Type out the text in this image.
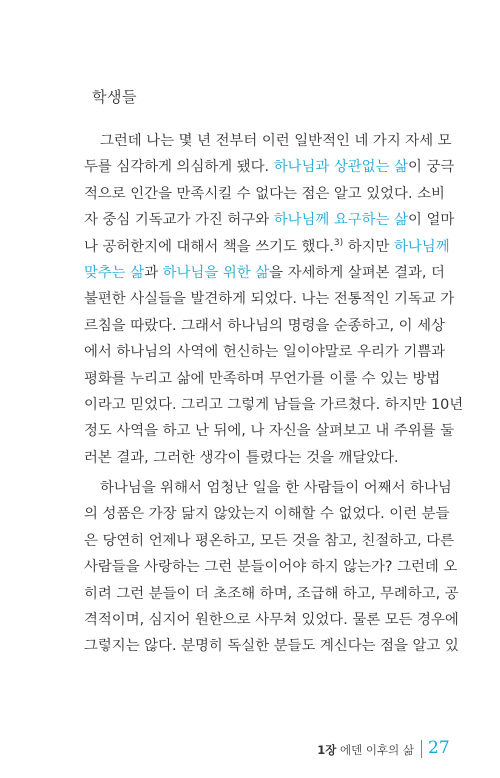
학생들
그런데 나는 몇 년 전부터 이런 일반적인 네 가지 자세 모
두를 심각하게 의심하게 됐다. 하나님과 상관없는 삶이 궁극
적으로 인간을 만족시킬 수 없다는 점은 알고 있었다. 소비
자 중심 기독교가 가진 허구와 하나님께 요구하는 삶이 얼마
나 공허한지에 대해서 책을 쓰기도 했다.$^{3)}$ 하지만 하나님께
맞추는 삶과 하나님을 위한 삶을 자세하게 살펴본 결과, 더
불편한 사실들을 발견하게 되었다. 나는 전통적인 기독교 가
르침을 따랐다. 그래서 하나님의 명령을 순종하고, 이 세상
에서 하나님의 사역에 헌신하는 일이야말로 우리가 기쁨과
평화를 누리고 삶에 만족하며 무언가를 이룰 수 있는 방법
이라고 믿었다. 그리고 그렇게 남들을 가르쳤다. 하지만 10년
정도 사역을 하고 난 뒤에, 나 자신을 살펴보고 내 주위를 둘
러본 결과, 그러한 생각이 틀렸다는 것을 깨달았다.
하나님을 위해서 엄청난 일을 한 사람들이 어째서 하나님
의 성품은 가장 닮지 않았는지 이해할 수 없었다. 이런 분들
은 당연히 언제나 평온하고, 모든 것을 참고, 친절하고, 다른
사람들을 사랑하는 그런 분들이어야 하지 않는가? 그런데 오
히려 그런 분들이 더 초조해 하며, 조급해 하고, 무례하고, 공
격적이며, 심지어 원한으로 사무쳐 있었다. 물론 모든 경우에
그렇지는 않다. 분명히 독실한 분들도 계신다는 점을 알고 있
1장 에덴 이후의 삶 27
